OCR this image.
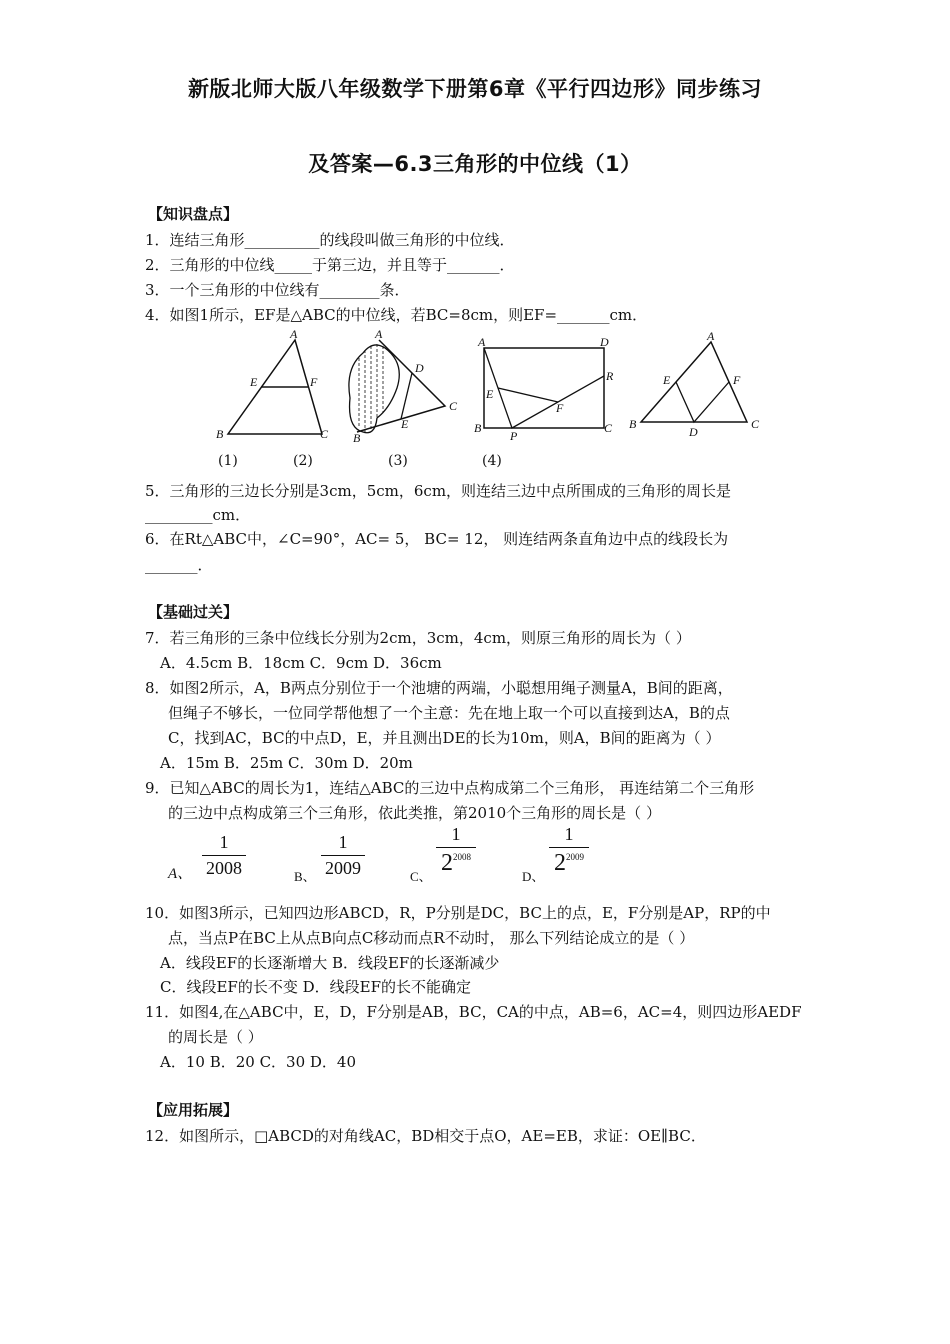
新版北师大版八年级数学下册第6章《平行四边形》同步练习
及答案—6.3三角形的中位线（1）
【知识盘点】
1．连结三角形__________的线段叫做三角形的中位线．
2．三角形的中位线_____于第三边，并且等于_______．
3．一个三角形的中位线有________条．
4．如图1所示，EF是△ABC的中位线，若BC=8cm，则EF=_______cm．
A
E	F
B	C
A
D
C
E
B
A	D
R
E
F
B
P
C
A
E	F
B
D
C
(1)	(2)	(3)	(4)
5．三角形的三边长分别是3cm，5cm，6cm，则连结三边中点所围成的三角形的周长是
_________cm．
6．在Rt△ABC中，∠C=90°，AC= 5， BC= 12， 则连结两条直角边中点的线段长为
_______．
【基础过关】
7．若三角形的三条中位线长分别为2cm，3cm，4cm，则原三角形的周长为（ ）
A．4.5cm B．18cm C．9cm D．36cm
8．如图2所示，A，B两点分别位于一个池塘的两端，小聪想用绳子测量A，B间的距离，
但绳子不够长，一位同学帮他想了一个主意：先在地上取一个可以直接到达A，B的点
C，找到AC，BC的中点D，E，并且测出DE的长为10m，则A，B间的距离为（ ）
A．15m B．25m C．30m D．20m
9．已知△ABC的周长为1，连结△ABC的三边中点构成第二个三角形， 再连结第二个三角形
的三边中点构成第三个三角形，依此类推，第2010个三角形的周长是（ ）
A、
1
2008	B、
1
2009	C、
1
$2^{2008}$
D、
1
$2^{2009}$
10．如图3所示，已知四边形ABCD，R，P分别是DC，BC上的点，E，F分别是AP，RP的中
点，当点P在BC上从点B向点C移动而点R不动时， 那么下列结论成立的是（ ）
A．线段EF的长逐渐增大 B．线段EF的长逐渐减少
C．线段EF的长不变 D．线段EF的长不能确定
11．如图4,在△ABC中，E，D，F分别是AB，BC，CA的中点，AB=6，AC=4，则四边形AEDF
的周长是（ ）
A．10 B．20 C．30 D．40
【应用拓展】
12．如图所示，□ABCD的对角线AC，BD相交于点O，AE=EB，求证：OE∥BC．
